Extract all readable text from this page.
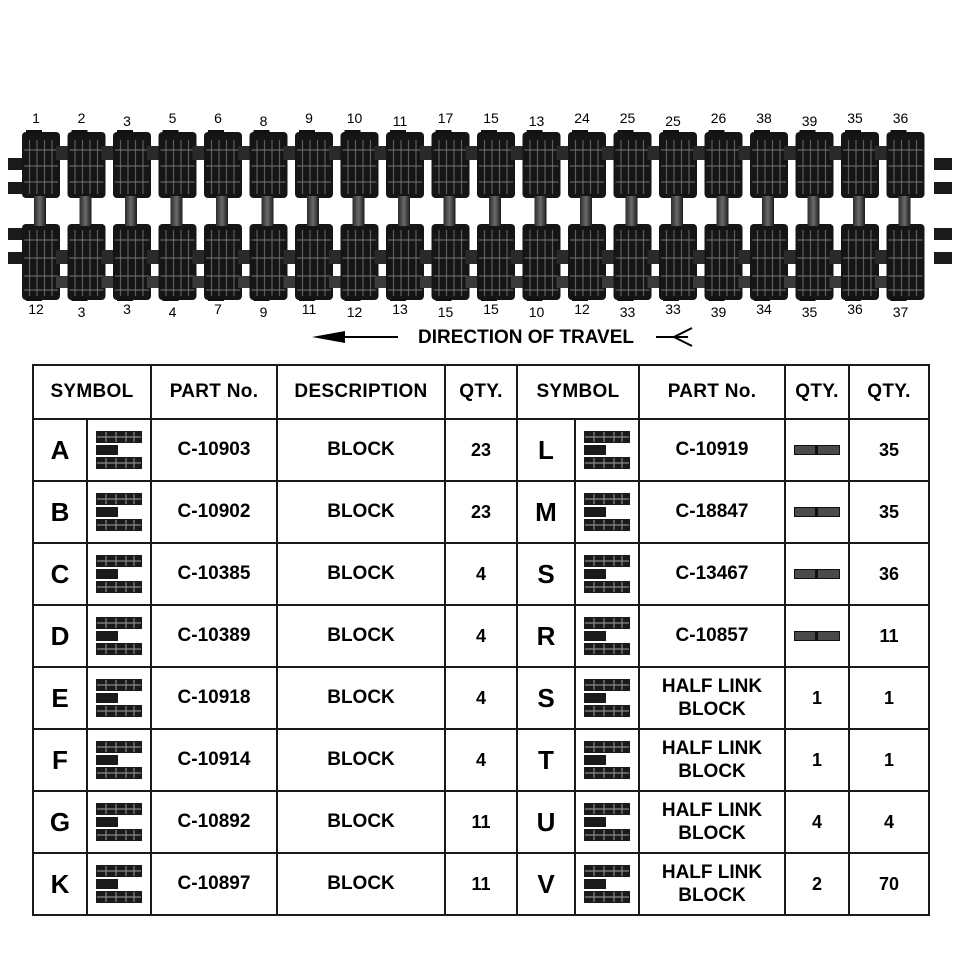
1	2	3	5	6	8	9 10 11 17 15 13 24 25 25 26 38 39 35 36
12 3	3	4	7	9 11 12 13 15 15 10 12 33 33 39 34 35 36 37
DIRECTION OF TRAVEL
SYMBOL		PART No.	DESCRIPTION	QTY.	SYMBOL		PART No.	QTY.	QTY.
A		C-10903	BLOCK	23	L		C-10919		35
B		C-10902	BLOCK	23	M		C-18847		35
C		C-10385	BLOCK	4	S		C-13467		36
D		C-10389	BLOCK	4	R		C-10857		11
E		C-10918	BLOCK	4	S		HALF LINK
BLOCK	1	1
F		C-10914	BLOCK	4	T		HALF LINK
BLOCK	1	1
G		C-10892	BLOCK	11	U		HALF LINK
BLOCK	4	4
K		C-10897	BLOCK	11	V		HALF LINK
BLOCK	2	70
